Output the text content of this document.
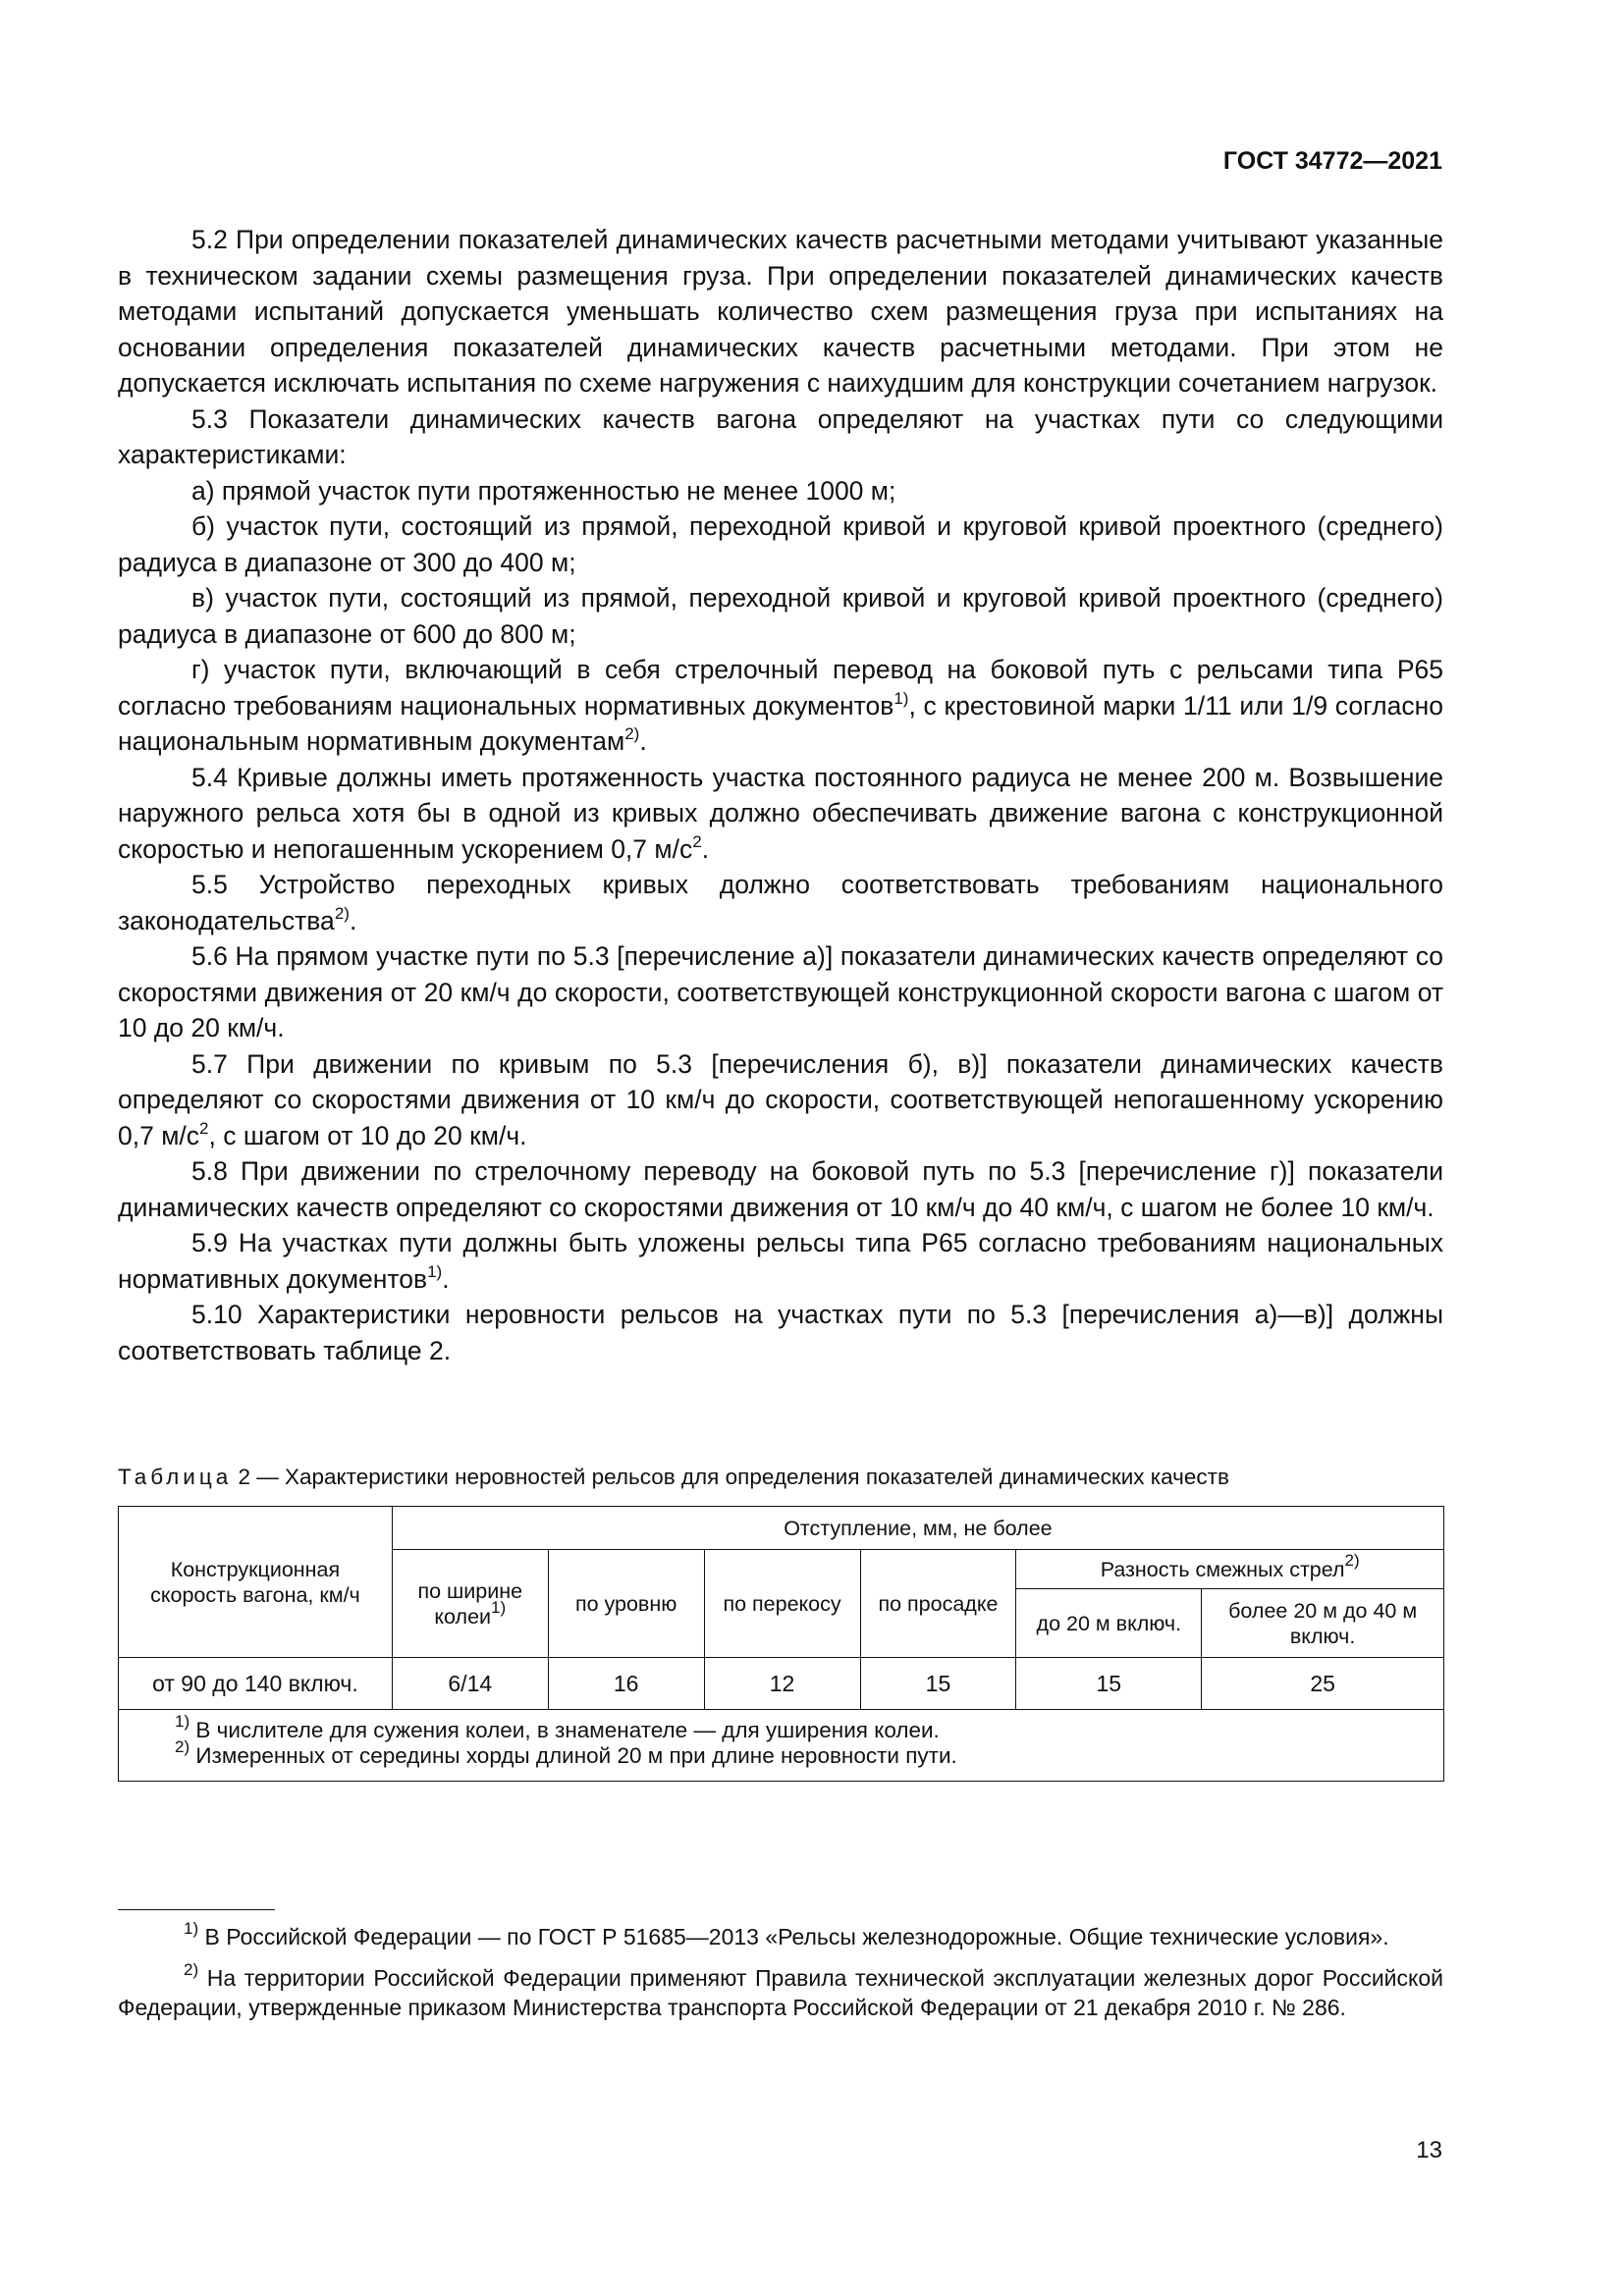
ГОСТ 34772—2021

5.2 При определении показателей динамических качеств расчетными методами учитывают указанные в техническом задании схемы размещения груза. При определении показателей динамических качеств методами испытаний допускается уменьшать количество схем размещения груза при испытаниях на основании определения показателей динамических качеств расчетными методами. При этом не допускается исключать испытания по схеме нагружения с наихудшим для конструкции сочетанием нагрузок.

5.3 Показатели динамических качеств вагона определяют на участках пути со следующими характеристиками:

а) прямой участок пути протяженностью не менее 1000 м;

б) участок пути, состоящий из прямой, переходной кривой и круговой кривой проектного (среднего) радиуса в диапазоне от 300 до 400 м;

в) участок пути, состоящий из прямой, переходной кривой и круговой кривой проектного (среднего) радиуса в диапазоне от 600 до 800 м;

г) участок пути, включающий в себя стрелочный перевод на боковой путь с рельсами типа Р65 согласно требованиям национальных нормативных документов$^{1)}$, с крестовиной марки 1/11 или 1/9 согласно национальным нормативным документам$^{2)}$.

5.4 Кривые должны иметь протяженность участка постоянного радиуса не менее 200 м. Возвышение наружного рельса хотя бы в одной из кривых должно обеспечивать движение вагона с конструкционной скоростью и непогашенным ускорением 0,7 $м/с^2$.

5.5 Устройство переходных кривых должно соответствовать требованиям национального законодательства$^{2)}$.

5.6 На прямом участке пути по 5.3 [перечисление а)] показатели динамических качеств определяют со скоростями движения от 20 км/ч до скорости, соответствующей конструкционной скорости вагона с шагом от 10 до 20 км/ч.

5.7 При движении по кривым по 5.3 [перечисления б), в)] показатели динамических качеств определяют со скоростями движения от 10 км/ч до скорости, соответствующей непогашенному ускорению 0,7 $м/с^2$, с шагом от 10 до 20 км/ч.

5.8 При движении по стрелочному переводу на боковой путь по 5.3 [перечисление г)] показатели динамических качеств определяют со скоростями движения от 10 км/ч до 40 км/ч, с шагом не более 10 км/ч.

5.9 На участках пути должны быть уложены рельсы типа Р65 согласно требованиям национальных нормативных документов$^{1)}$.

5.10 Характеристики неровности рельсов на участках пути по 5.3 [перечисления а)—в)] должны соответствовать таблице 2.

Таблица 2 — Характеристики неровностей рельсов для определения показателей динамических качеств
Конструкционная скорость вагона, км/ч	Отступление, мм, не более					
	по ширине колеи$^{1)}$	по уровню	по перекосу	по просадке	Разность смежных стрел$^{2)}$
					до 20 м включ.	более 20 м до 40 м включ.
от 90 до 140 включ.	6/14	16	12	15	15	25

$^{1)}$ В числителе для сужения колеи, в знаменателе — для уширения колеи.
$^{2)}$ Измеренных от середины хорды длиной 20 м при длине неровности пути.						

$^{1)}$ В Российской Федерации — по ГОСТ Р 51685—2013 «Рельсы железнодорожные. Общие технические условия».

$^{2)}$ На территории Российской Федерации применяют Правила технической эксплуатации железных дорог Российской Федерации, утвержденные приказом Министерства транспорта Российской Федерации от 21 декабря 2010 г. № 286.

13
